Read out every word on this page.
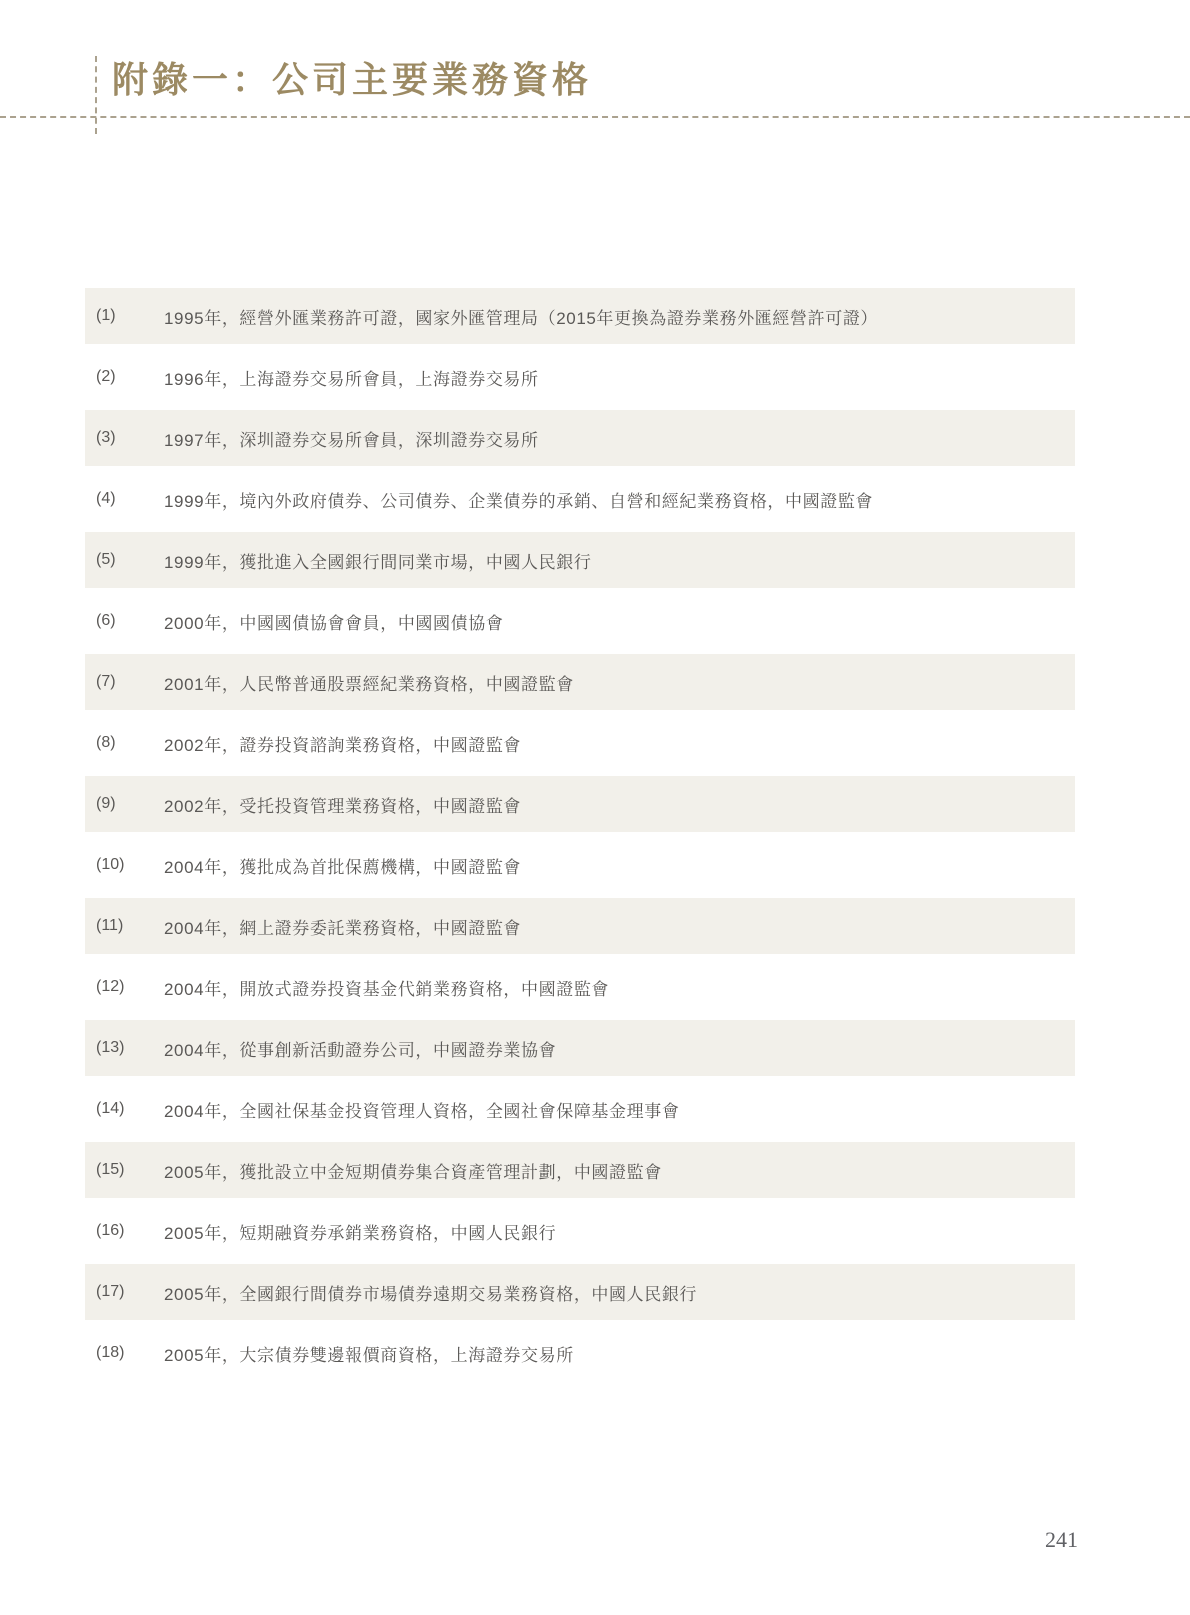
附錄一：公司主要業務資格
(1)	1995年，經營外匯業務許可證，國家外匯管理局（2015年更換為證券業務外匯經營許可證）
(2)	1996年，上海證券交易所會員，上海證券交易所
(3)	1997年，深圳證券交易所會員，深圳證券交易所
(4)	1999年，境內外政府債券、公司債券、企業債券的承銷、自營和經紀業務資格，中國證監會
(5)	1999年，獲批進入全國銀行間同業市場，中國人民銀行
(6)	2000年，中國國債協會會員，中國國債協會
(7)	2001年，人民幣普通股票經紀業務資格，中國證監會
(8)	2002年，證券投資諮詢業務資格，中國證監會
(9)	2002年，受托投資管理業務資格，中國證監會
(10)	2004年，獲批成為首批保薦機構，中國證監會
(11)	2004年，網上證券委託業務資格，中國證監會
(12)	2004年，開放式證券投資基金代銷業務資格，中國證監會
(13)	2004年，從事創新活動證券公司，中國證券業協會
(14)	2004年，全國社保基金投資管理人資格，全國社會保障基金理事會
(15)	2005年，獲批設立中金短期債券集合資產管理計劃，中國證監會
(16)	2005年，短期融資券承銷業務資格，中國人民銀行
(17)	2005年，全國銀行間債券市場債券遠期交易業務資格，中國人民銀行
(18)	2005年，大宗債券雙邊報價商資格，上海證券交易所
241
